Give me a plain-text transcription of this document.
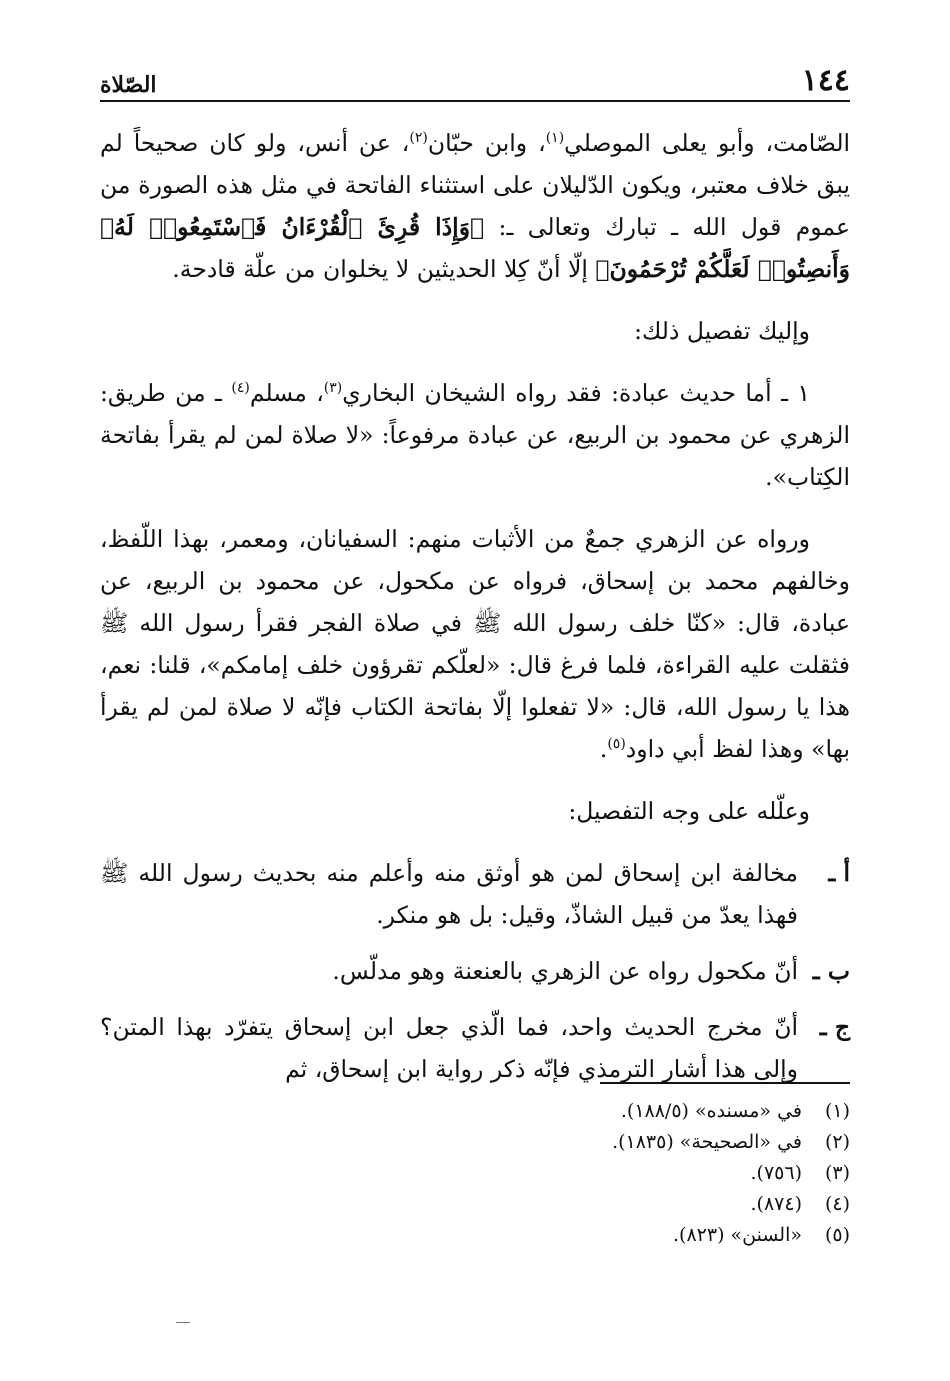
١٤٤
الصّلاة

الصّامت، وأبو يعلى الموصلي$^{(١)}$، وابن حبّان$^{(٢)}$، عن أنس، ولو كان صحيحاً لم يبق خلاف معتبر، ويكون الدّليلان على استثناء الفاتحة في مثل هذه الصورة من عموم قول الله ـ تبارك وتعالى ـ: ﴿وَإِذَا قُرِئَ ٱلْقُرْءَانُ فَٱسْتَمِعُوا۟ لَهُۥ وَأَنصِتُوا۟ لَعَلَّكُمْ تُرْحَمُونَ﴾ إلّا أنّ كِلا الحديثين لا يخلوان من علّة قادحة.

وإليك تفصيل ذلك:

١ ـ أما حديث عبادة: فقد رواه الشيخان البخاري$^{(٣)}$، مسلم$^{(٤)}$ ـ من طريق: الزهري عن محمود بن الربيع، عن عبادة مرفوعاً: «لا صلاة لمن لم يقرأ بفاتحة الكِتاب».

ورواه عن الزهري جمعٌ من الأثبات منهم: السفيانان، ومعمر، بهذا اللّفظ، وخالفهم محمد بن إسحاق، فرواه عن مكحول، عن محمود بن الربيع، عن عبادة، قال: «كنّا خلف رسول الله ﷺ في صلاة الفجر فقرأ رسول الله ﷺ فثقلت عليه القراءة، فلما فرغ قال: «لعلّكم تقرؤون خلف إمامكم»، قلنا: نعم، هذا يا رسول الله، قال: «لا تفعلوا إلّا بفاتحة الكتاب فإنّه لا صلاة لمن لم يقرأ بها» وهذا لفظ أبي داود$^{(٥)}$.

وعلّله على وجه التفصيل:

أ ـ
مخالفة ابن إسحاق لمن هو أوثق منه وأعلم منه بحديث رسول الله ﷺ فهذا يعدّ من قبيل الشاذّ، وقيل: بل هو منكر.
ب ـ
أنّ مكحول رواه عن الزهري بالعنعنة وهو مدلّس.
ج ـ
أنّ مخرج الحديث واحد، فما الّذي جعل ابن إسحاق يتفرّد بهذا المتن؟ وإلى هذا أشار الترمذي فإنّه ذكر رواية ابن إسحاق، ثم
(١)
في «مسنده» (١٨٨/٥).
(٢)
في «الصحيحة» (١٨٣٥).
(٣)
(٧٥٦).
(٤)
(٨٧٤).
(٥)
«السنن» (٨٢٣).
